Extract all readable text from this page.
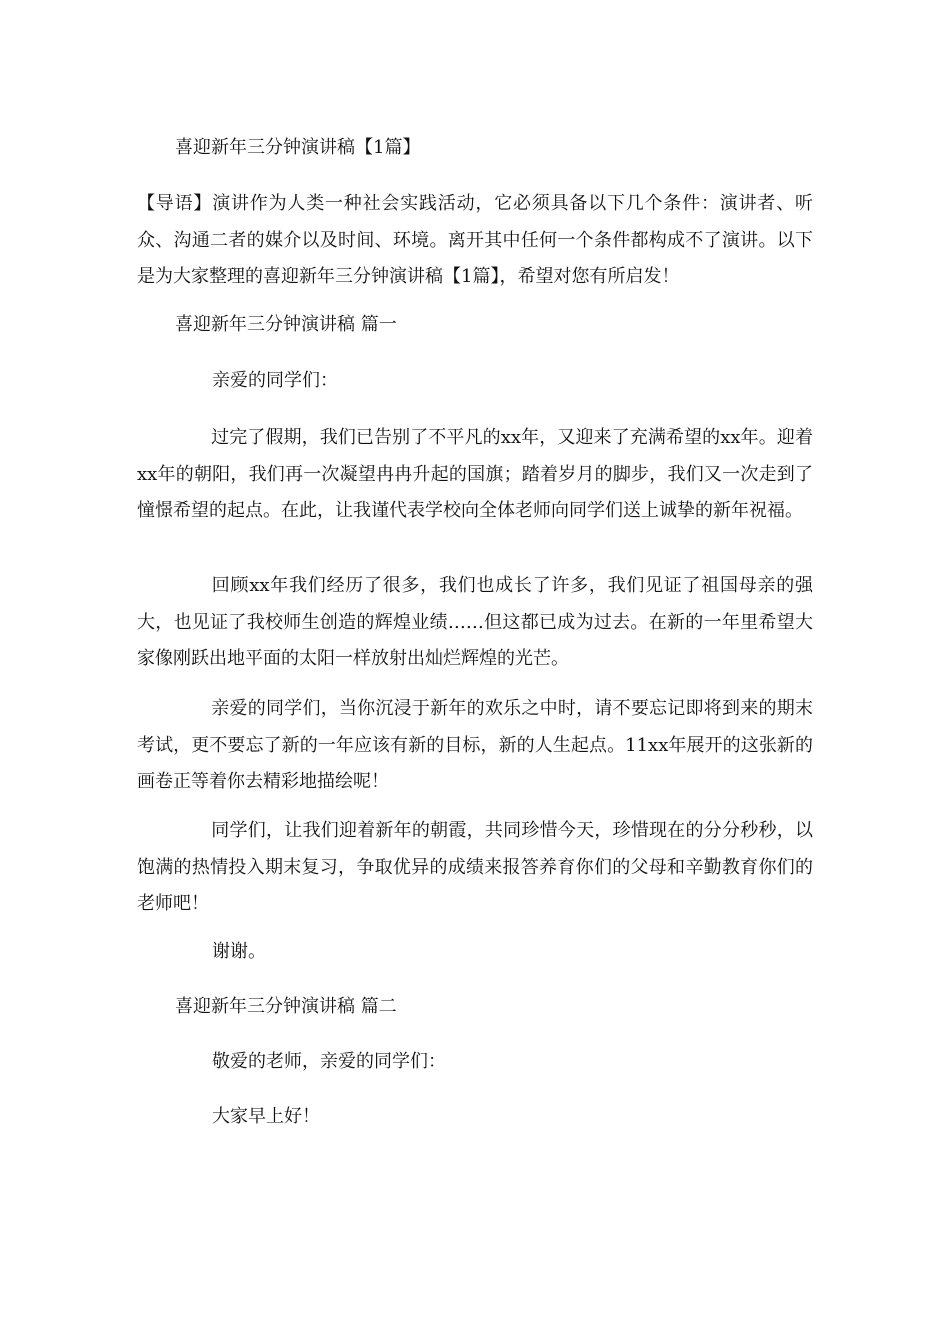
喜迎新年三分钟演讲稿【1篇】

【导语】演讲作为人类一种社会实践活动，它必须具备以下几个条件：演讲者、听众、沟通二者的媒介以及时间、环境。离开其中任何一个条件都构成不了演讲。以下是为大家整理的喜迎新年三分钟演讲稿【1篇】，希望对您有所启发！

喜迎新年三分钟演讲稿 篇一

亲爱的同学们：

过完了假期，我们已告别了不平凡的xx年，又迎来了充满希望的xx年。迎着xx年的朝阳，我们再一次凝望冉冉升起的国旗；踏着岁月的脚步，我们又一次走到了憧憬希望的起点。在此，让我谨代表学校向全体老师向同学们送上诚挚的新年祝福。

回顾xx年我们经历了很多，我们也成长了许多，我们见证了祖国母亲的强大，也见证了我校师生创造的辉煌业绩……但这都已成为过去。在新的一年里希望大家像刚跃出地平面的太阳一样放射出灿烂辉煌的光芒。

亲爱的同学们，当你沉浸于新年的欢乐之中时，请不要忘记即将到来的期末考试，更不要忘了新的一年应该有新的目标，新的人生起点。11xx年展开的这张新的画卷正等着你去精彩地描绘呢！

同学们，让我们迎着新年的朝霞，共同珍惜今天，珍惜现在的分分秒秒，以饱满的热情投入期末复习，争取优异的成绩来报答养育你们的父母和辛勤教育你们的老师吧！

谢谢。

喜迎新年三分钟演讲稿 篇二

敬爱的老师，亲爱的同学们：

大家早上好！
